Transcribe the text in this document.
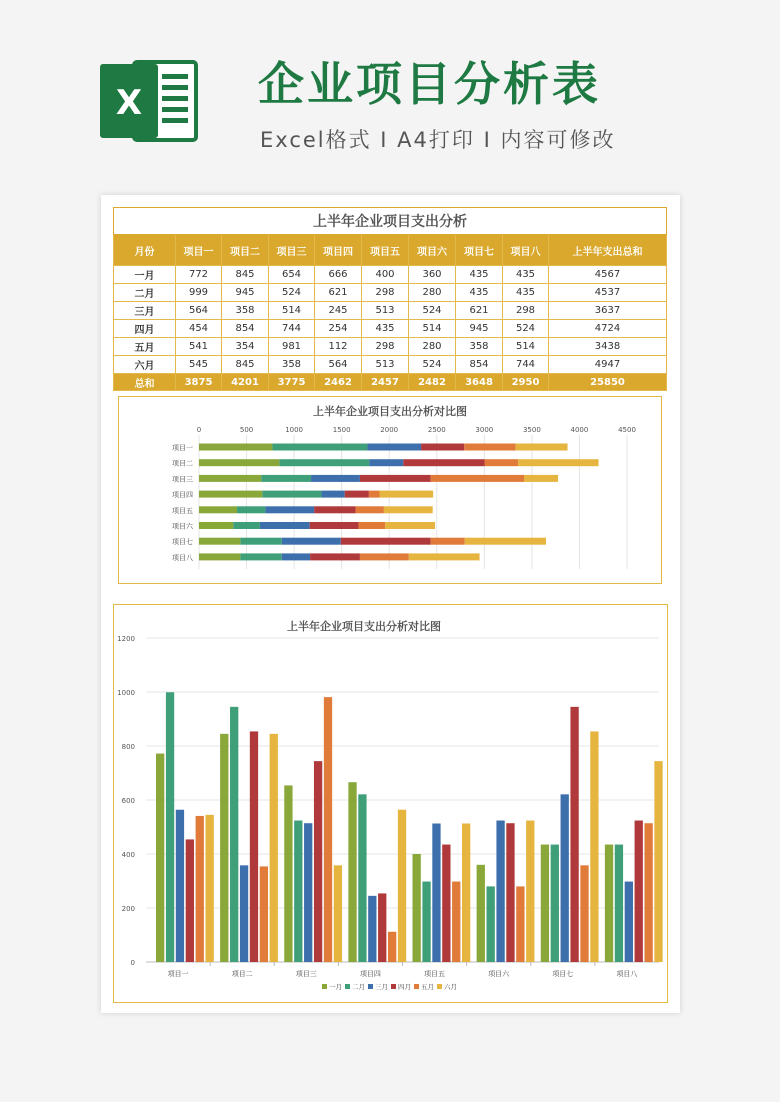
X	企业项目分析表
Excel格式 I A4打印 I 内容可修改
上半年企业项目支出分析									
月份	项目一	项目二	项目三	项目四	项目五	项目六	项目七	项目八	上半年支出总和
一月	772	845	654	666	400	360	435	435	4567
二月	999	945	524	621	298	280	435	435	4537
三月	564	358	514	245	513	524	621	298	3637
四月	454	854	744	254	435	514	945	524	4724
五月	541	354	981	112	298	280	358	514	3438
六月	545	845	358	564	513	524	854	744	4947
总和	3875	4201	3775	2462	2457	2482	3648	2950	25850
上半年企业项目支出分析对比图
0	500	1000	1500	2000	2500	3000	3500	4000	4500
项目一
项目二
项目三
项目四
项目五
项目六
项目七
项目八
上半年企业项目支出分析对比图
0
200
400
600
800
1000
1200
项目一	项目二	项目三	项目四	项目五	项目六	项目七	项目八
一月 二月 三月 四月 五月 六月
